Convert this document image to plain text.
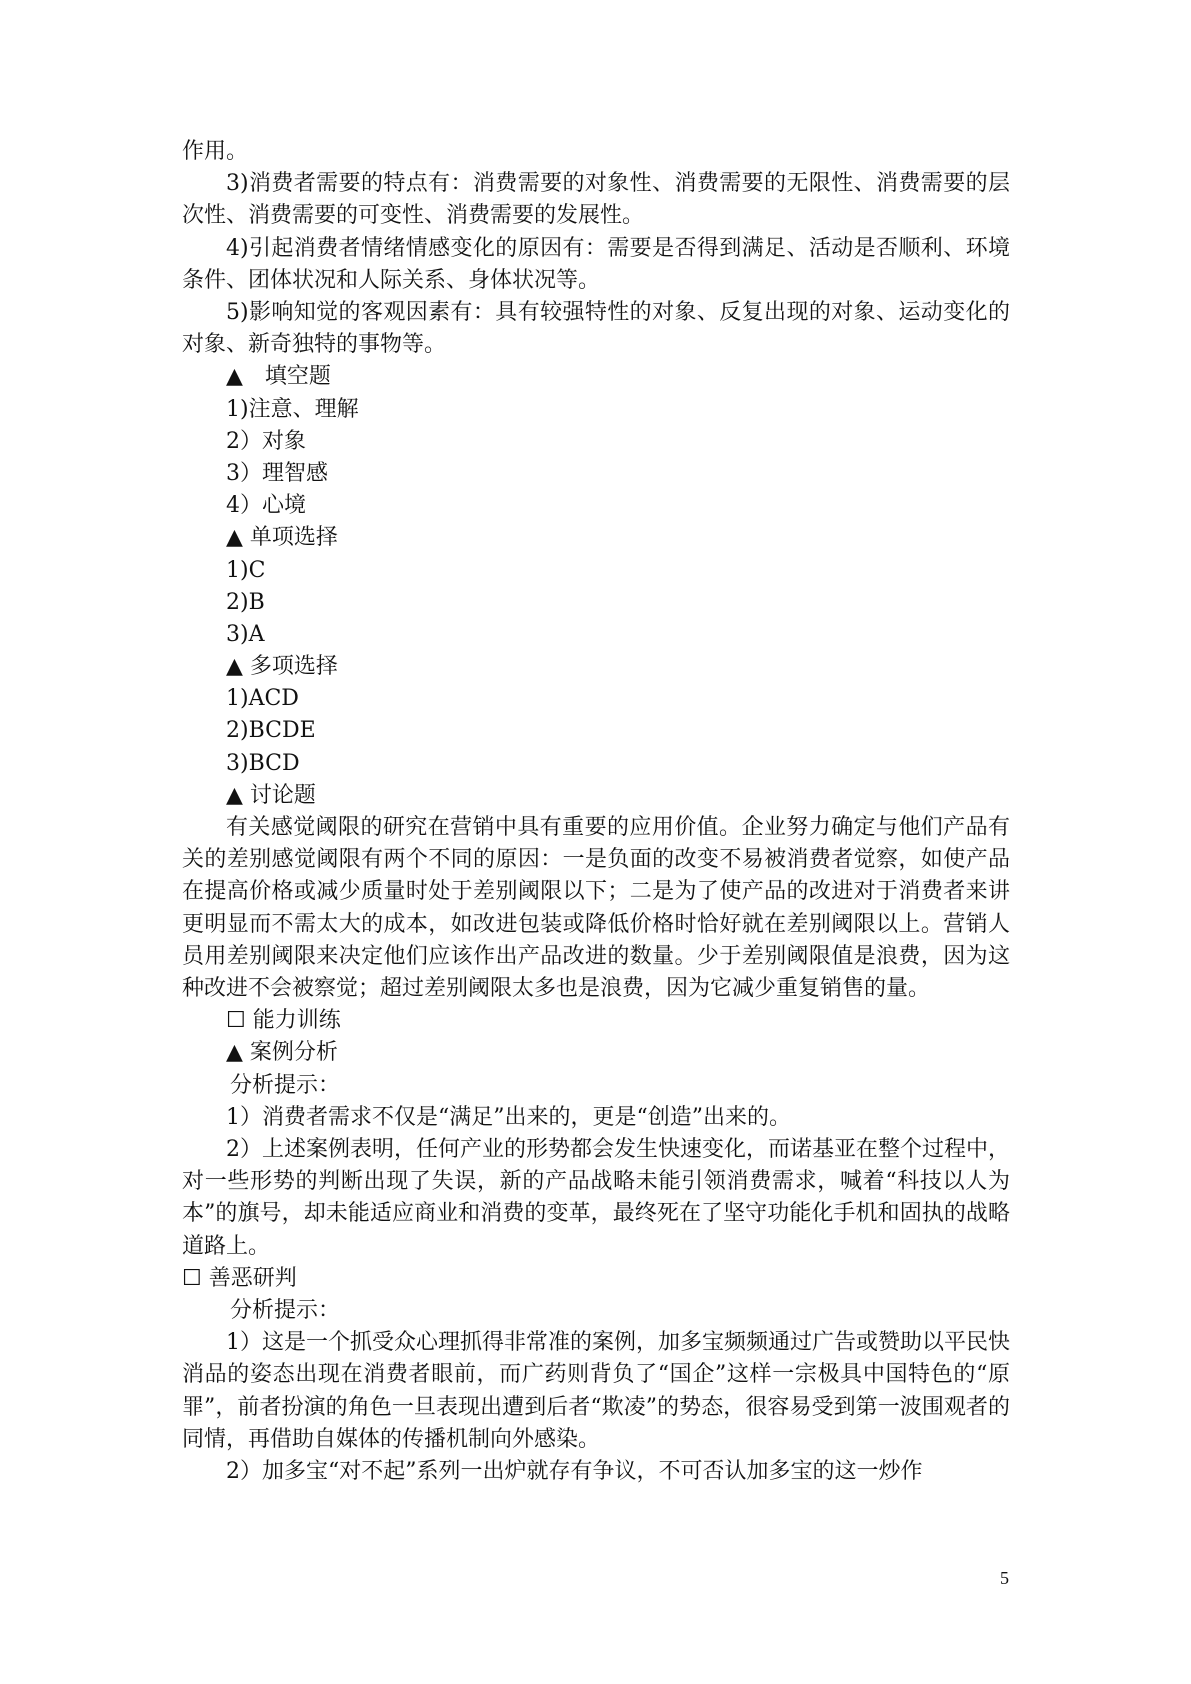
作用。
3)消费者需要的特点有：消费需要的对象性、消费需要的无限性、消费需要的层次性、消费需要的可变性、消费需要的发展性。
4)引起消费者情绪情感变化的原因有：需要是否得到满足、活动是否顺利、环境条件、团体状况和人际关系、身体状况等。
5)影响知觉的客观因素有：具有较强特性的对象、反复出现的对象、运动变化的对象、新奇独特的事物等。
▲　填空题
1)注意、理解
2）对象
3）理智感
4）心境
▲ 单项选择
1)C
2)B
3)A
▲ 多项选择
1)ACD
2)BCDE
3)BCD
▲ 讨论题
有关感觉阈限的研究在营销中具有重要的应用价值。企业努力确定与他们产品有关的差别感觉阈限有两个不同的原因：一是负面的改变不易被消费者觉察，如使产品在提高价格或减少质量时处于差别阈限以下；二是为了使产品的改进对于消费者来讲更明显而不需太大的成本，如改进包装或降低价格时恰好就在差别阈限以上。营销人员用差别阈限来决定他们应该作出产品改进的数量。少于差别阈限值是浪费，因为这种改进不会被察觉；超过差别阈限太多也是浪费，因为它减少重复销售的量。
☐ 能力训练
▲ 案例分析
分析提示：
1）消费者需求不仅是“满足”出来的，更是“创造”出来的。
2）上述案例表明，任何产业的形势都会发生快速变化，而诺基亚在整个过程中，对一些形势的判断出现了失误，新的产品战略未能引领消费需求，喊着“科技以人为本”的旗号，却未能适应商业和消费的变革，最终死在了坚守功能化手机和固执的战略道路上。
☐ 善恶研判
分析提示：
1）这是一个抓受众心理抓得非常准的案例，加多宝频频通过广告或赞助以平民快消品的姿态出现在消费者眼前，而广药则背负了“国企”这样一宗极具中国特色的“原罪”，前者扮演的角色一旦表现出遭到后者“欺凌”的势态，很容易受到第一波围观者的同情，再借助自媒体的传播机制向外感染。
2）加多宝“对不起”系列一出炉就存有争议，不可否认加多宝的这一炒作
5
